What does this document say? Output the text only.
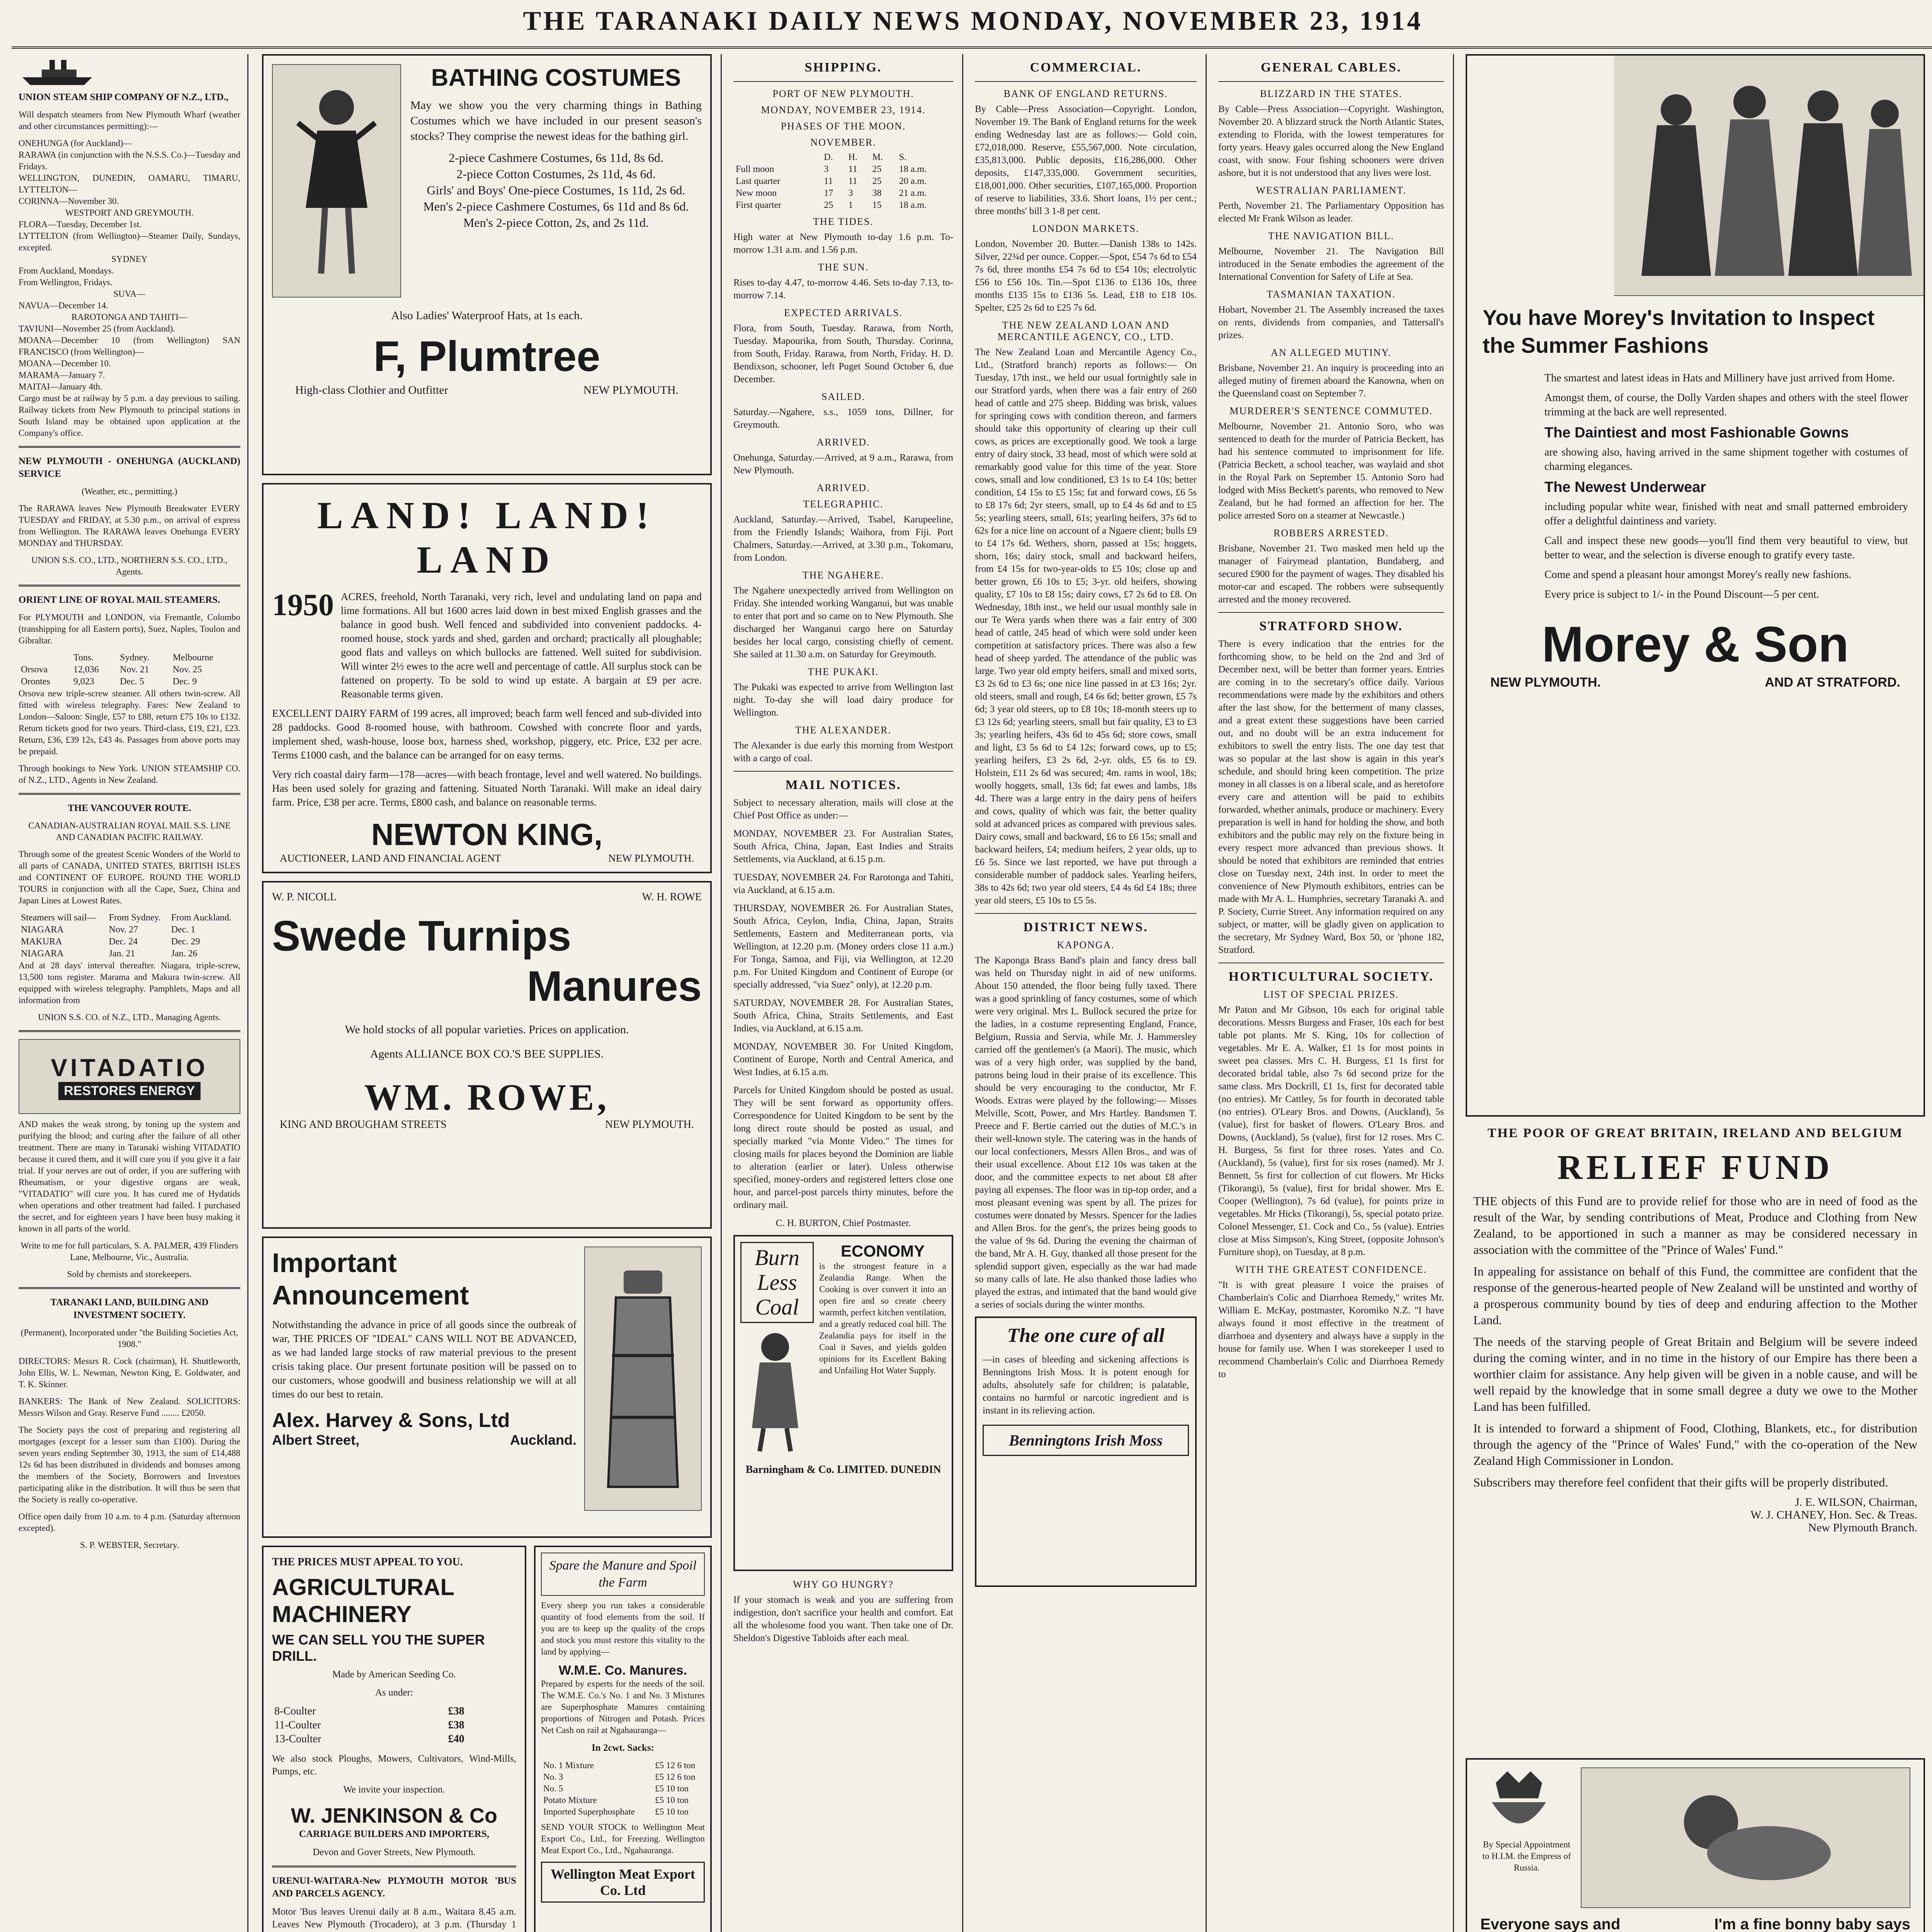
THE TARANAKI DAILY NEWS MONDAY, NOVEMBER 23, 1914
UNION STEAM SHIP COMPANY OF N.Z., LTD.,
Will despatch steamers from New Plymouth Wharf (weather and other circumstances permitting):—
ONEHUNGA (for Auckland)—
RARAWA (in conjunction with the N.S.S. Co.)—Tuesday and Fridays.
WELLINGTON, DUNEDIN, OAMARU, TIMARU, LYTTELTON—
CORINNA—November 30.
WESTPORT AND GREYMOUTH.
FLORA—Tuesday, December 1st.
LYTTELTON (from Wellington)—Steamer Daily, Sundays, excepted.
SYDNEY
From Auckland, Mondays.
From Wellington, Fridays.
SUVA—
NAVUA—December 14.
RAROTONGA AND TAHITI—
TAVIUNI—November 25 (from Auckland).
MOANA—December 10 (from Wellington) SAN FRANCISCO (from Wellington)—
MOANA—December 10.
MARAMA—January 7.
MAITAI—January 4th.
Cargo must be at railway by 5 p.m. a day previous to sailing. Railway tickets from New Plymouth to principal stations in South Island may be obtained upon application at the Company's office.
NEW PLYMOUTH - ONEHUNGA (AUCKLAND) SERVICE
(Weather, etc., permitting.)
The RARAWA leaves New Plymouth Breakwater EVERY TUESDAY and FRIDAY, at 5.30 p.m., on arrival of express from Wellington. The RARAWA leaves Onehunga EVERY MONDAY and THURSDAY.
UNION S.S. CO., LTD., NORTHERN S.S. CO., LTD., Agents.
ORIENT LINE OF ROYAL MAIL STEAMERS.
For PLYMOUTH and LONDON, via Fremantle, Colombo (transhipping for all Eastern ports), Suez, Naples, Toulon and Gibraltar.
	Tons.	Sydney.	Melbourne
Orsova	12,036	Nov. 21	Nov. 25
Orontes	9,023	Dec. 5	Dec. 9
Orsova new triple-screw steamer. All others twin-screw. All fitted with wireless telegraphy. Fares: New Zealand to London—Saloon: Single, £57 to £88, return £75 10s to £132. Return tickets good for two years. Third-class, £19, £21, £23. Return, £36, £39 12s, £43 4s. Passages from above ports may be prepaid.
Through bookings to New York. UNION STEAMSHIP CO. of N.Z., LTD., Agents in New Zealand.
THE VANCOUVER ROUTE.
CANADIAN-AUSTRALIAN ROYAL MAIL S.S. LINE AND CANADIAN PACIFIC RAILWAY.
Through some of the greatest Scenic Wonders of the World to all parts of CANADA, UNITED STATES, BRITISH ISLES and CONTINENT OF EUROPE. ROUND THE WORLD TOURS in conjunction with all the Cape, Suez, China and Japan Lines at Lowest Rates.
Steamers will sail—	From Sydney.	From Auckland.
NIAGARA	Nov. 27	Dec. 1
MAKURA	Dec. 24	Dec. 29
NIAGARA	Jan. 21	Jan. 26
And at 28 days' interval thereafter. Niagara, triple-screw, 13,500 tons register. Marama and Makura twin-screw. All equipped with wireless telegraphy. Pamphlets, Maps and all information from
UNION S.S. CO. of N.Z., LTD., Managing Agents.
VITADATIO
RESTORES ENERGY
AND makes the weak strong, by toning up the system and purifying the blood; and curing after the failure of all other treatment. There are many in Taranaki wishing VITADATIO because it cured them, and it will cure you if you give it a fair trial. If your nerves are out of order, if you are suffering with Rheumatism, or your digestive organs are weak, "VITADATIO" will cure you. It has cured me of Hydatids when operations and other treatment had failed. I purchased the secret, and for eighteen years I have been busy making it known in all parts of the world.
Write to me for full particulars, S. A. PALMER, 439 Flinders Lane, Melbourne, Vic., Australia.
Sold by chemists and storekeepers.
TARANAKI LAND, BUILDING AND INVESTMENT SOCIETY.
(Permanent), Incorporated under "the Building Societies Act, 1908."
DIRECTORS: Messrs R. Cock (chairman), H. Shuttleworth, John Ellis, W. L. Newman, Newton King, E. Goldwater, and T. K. Skinner.
BANKERS: The Bank of New Zealand. SOLICITORS: Messrs Wilson and Gray. Reserve Fund ........ £2050.
The Society pays the cost of preparing and registering all mortgages (except for a lesser sum than £100). During the seven years ending September 30, 1913, the sum of £14,488 12s 6d has been distributed in dividends and bonuses among the members of the Society, Borrowers and Investors participating alike in the distribution. It will thus be seen that the Society is really co-operative.
Office open daily from 10 a.m. to 4 p.m. (Saturday afternoon excepted).
S. P. WEBSTER, Secretary.
BATHING COSTUMES
May we show you the very charming things in Bathing Costumes which we have included in our present season's stocks? They comprise the newest ideas for the bathing girl.
2-piece Cashmere Costumes, 6s 11d, 8s 6d.
2-piece Cotton Costumes, 2s 11d, 4s 6d.
Girls' and Boys' One-piece Costumes, 1s 11d, 2s 6d.
Men's 2-piece Cashmere Costumes, 6s 11d and 8s 6d.
Men's 2-piece Cotton, 2s, and 2s 11d.
Also Ladies' Waterproof Hats, at 1s each.
F, Plumtree
High-class Clothier and Outfitter	NEW PLYMOUTH.
LAND! LAND! LAND
1950 ACRES, freehold, North Taranaki, very rich, level and undulating land on papa and lime formations. All but 1600 acres laid down in best mixed English grasses and the balance in good bush. Well fenced and subdivided into convenient paddocks. 4-roomed house, stock yards and shed, garden and orchard; practically all ploughable; good flats and valleys on which bullocks are fattened. Well suited for subdivision. Will winter 2½ ewes to the acre well and percentage of cattle. All surplus stock can be fattened on property. To be sold to wind up estate. A bargain at £9 per acre. Reasonable terms given.
EXCELLENT DAIRY FARM of 199 acres, all improved; beach farm well fenced and sub-divided into 28 paddocks. Good 8-roomed house, with bathroom. Cowshed with concrete floor and yards, implement shed, wash-house, loose box, harness shed, workshop, piggery, etc. Price, £32 per acre. Terms £1000 cash, and the balance can be arranged for on easy terms.
Very rich coastal dairy farm—178—acres—with beach frontage, level and well watered. No buildings. Has been used solely for grazing and fattening. Situated North Taranaki. Will make an ideal dairy farm. Price, £38 per acre. Terms, £800 cash, and balance on reasonable terms.
NEWTON KING,
AUCTIONEER, LAND AND FINANCIAL AGENT	NEW PLYMOUTH.
W. P. NICOLL	W. H. ROWE
Swede Turnips
Manures
We hold stocks of all popular varieties. Prices on application.
Agents ALLIANCE BOX CO.'S BEE SUPPLIES.
WM. ROWE,
KING AND BROUGHAM STREETS	NEW PLYMOUTH.
Important Announcement
Notwithstanding the advance in price of all goods since the outbreak of war, THE PRICES OF "IDEAL" CANS WILL NOT BE ADVANCED, as we had landed large stocks of raw material previous to the present crisis taking place. Our present fortunate position will be passed on to our customers, whose goodwill and business relationship we will at all times do our best to retain.
Alex. Harvey & Sons, Ltd
Albert Street,	Auckland.
THE PRICES MUST APPEAL TO YOU.
AGRICULTURAL MACHINERY
WE CAN SELL YOU THE SUPER DRILL.
Made by American Seeding Co.
As under:
8-Coulter	£38
11-Coulter	£38
13-Coulter	£40
We also stock Ploughs, Mowers, Cultivators, Wind-Mills, Pumps, etc.
We invite your inspection.
W. JENKINSON & Co
CARRIAGE BUILDERS AND IMPORTERS,
Devon and Gover Streets, New Plymouth.
URENUI-WAITARA-New PLYMOUTH MOTOR 'BUS AND PARCELS AGENCY.
Motor 'Bus leaves Urenui daily at 8 a.m., Waitara 8.45 a.m. Leaves New Plymouth (Trocadero), at 3 p.m. (Thursday 1
Spare the Manure and Spoil the Farm
Every sheep you run takes a considerable quantity of food elements from the soil. If you are to keep up the quality of the crops and stock you must restore this vitality to the land by applying—
W.M.E. Co. Manures.
Prepared by experts for the needs of the soil. The W.M.E. Co.'s No. 1 and No. 3 Mixtures are Superphosphate Manures containing proportions of Nitrogen and Potash. Prices Net Cash on rail at Ngahauranga—
In 2cwt. Sacks:
No. 1 Mixture	£5 12 6 ton
No. 3	£5 12 6 ton
No. 5	£5 10 ton
Potato Mixture	£5 10 ton
Imported Superphosphate	£5 10 ton
SEND YOUR STOCK to Wellington Meat Export Co., Ltd., for Freezing. Wellington Meat Export Co., Ltd., Ngahauranga.
Wellington Meat Export Co. Ltd
SHIPPING.
PORT OF NEW PLYMOUTH.
MONDAY, NOVEMBER 23, 1914.
PHASES OF THE MOON.
NOVEMBER.
	D.	H.	M.	S.
Full moon	3	11	25	18 a.m.
Last quarter	11	11	25	20 a.m.
New moon	17	3	38	21 a.m.
First quarter	25	1	15	18 a.m.
THE TIDES.
High water at New Plymouth to-day 1.6 p.m. To-morrow 1.31 a.m. and 1.56 p.m.
THE SUN.
Rises to-day 4.47, to-morrow 4.46. Sets to-day 7.13, to-morrow 7.14.
EXPECTED ARRIVALS.
Flora, from South, Tuesday. Rarawa, from North, Tuesday. Mapourika, from South, Thursday. Corinna, from South, Friday. Rarawa, from North, Friday. H. D. Bendixson, schooner, left Puget Sound October 6, due December.
SAILED.
Saturday.—Ngahere, s.s., 1059 tons, Dillner, for Greymouth.
ARRIVED.
Onehunga, Saturday.—Arrived, at 9 a.m., Rarawa, from New Plymouth.
ARRIVED.
TELEGRAPHIC.
Auckland, Saturday.—Arrived, Tsabel, Karupeeline, from the Friendly Islands; Waihora, from Fiji. Port Chalmers, Saturday.—Arrived, at 3.30 p.m., Tokomaru, from London.
THE NGAHERE.
The Ngahere unexpectedly arrived from Wellington on Friday. She intended working Wanganui, but was unable to enter that port and so came on to New Plymouth. She discharged her Wanganui cargo here on Saturday besides her local cargo, consisting chiefly of cement. She sailed at 11.30 a.m. on Saturday for Greymouth.
THE PUKAKI.
The Pukaki was expected to arrive from Wellington last night. To-day she will load dairy produce for Wellington.
THE ALEXANDER.
The Alexander is due early this morning from Westport with a cargo of coal.
MAIL NOTICES.
Subject to necessary alteration, mails will close at the Chief Post Office as under:—
MONDAY, NOVEMBER 23. For Australian States, South Africa, China, Japan, East Indies and Straits Settlements, via Auckland, at 6.15 p.m.
TUESDAY, NOVEMBER 24. For Rarotonga and Tahiti, via Auckland, at 6.15 a.m.
THURSDAY, NOVEMBER 26. For Australian States, South Africa, Ceylon, India, China, Japan, Straits Settlements, Eastern and Mediterranean ports, via Wellington, at 12.20 p.m. (Money orders close 11 a.m.) For Tonga, Samoa, and Fiji, via Wellington, at 12.20 p.m. For United Kingdom and Continent of Europe (or specially addressed, "via Suez" only), at 12.20 p.m.
SATURDAY, NOVEMBER 28. For Australian States, South Africa, China, Straits Settlements, and East Indies, via Auckland, at 6.15 a.m.
MONDAY, NOVEMBER 30. For United Kingdom, Continent of Europe, North and Central America, and West Indies, at 6.15 a.m.
Parcels for United Kingdom should be posted as usual. They will be sent forward as opportunity offers. Correspondence for United Kingdom to be sent by the long direct route should be posted as usual, and specially marked "via Monte Video." The times for closing mails for places beyond the Dominion are liable to alteration (earlier or later). Unless otherwise specified, money-orders and registered letters close one hour, and parcel-post parcels thirty minutes, before the ordinary mail.
C. H. BURTON, Chief Postmaster.
Burn Less Coal
ECONOMY
is the strongest feature in a Zealandia Range. When the Cooking is over convert it into an open fire and so create cheery warmth, perfect kitchen ventilation, and a greatly reduced coal bill. The Zealandia pays for itself in the Coal it Saves, and yields golden opinions for its Excellent Baking and Unfailing Hot Water Supply.
Barningham & Co. LIMITED. DUNEDIN
WHY GO HUNGRY?
If your stomach is weak and you are suffering from indigestion, don't sacrifice your health and comfort. Eat all the wholesome food you want. Then take one of Dr. Sheldon's Digestive Tabloids after each meal.
COMMERCIAL.
BANK OF ENGLAND RETURNS.
By Cable—Press Association—Copyright. London, November 19. The Bank of England returns for the week ending Wednesday last are as follows:— Gold coin, £72,018,000. Reserve, £55,567,000. Note circulation, £35,813,000. Public deposits, £16,286,000. Other deposits, £147,335,000. Government securities, £18,001,000. Other securities, £107,165,000. Proportion of reserve to liabilities, 33.6. Short loans, 1½ per cent.; three months' bill 3 1-8 per cent.
LONDON MARKETS.
London, November 20. Butter.—Danish 138s to 142s. Silver, 22¾d per ounce. Copper.—Spot, £54 7s 6d to £54 7s 6d, three months £54 7s 6d to £54 10s; electrolytic £56 to £56 10s. Tin.—Spot £136 to £136 10s, three months £135 15s to £136 5s. Lead, £18 to £18 10s. Spelter, £25 2s 6d to £25 7s 6d.
THE NEW ZEALAND LOAN AND MERCANTILE AGENCY, CO., LTD.
The New Zealand Loan and Mercantile Agency Co., Ltd., (Stratford branch) reports as follows:— On Tuesday, 17th inst., we held our usual fortnightly sale in our Stratford yards, when there was a fair entry of 260 head of cattle and 275 sheep. Bidding was brisk, values for springing cows with condition thereon, and farmers should take this opportunity of clearing up their cull cows, as prices are exceptionally good. We took a large entry of dairy stock, 33 head, most of which were sold at remarkably good value for this time of the year. Store cows, small and low conditioned, £3 1s to £4 10s; better condition, £4 15s to £5 15s; fat and forward cows, £6 5s to £8 17s 6d; 2yr steers, small, up to £4 4s 6d and to £5 5s; yearling steers, small, 61s; yearling heifers, 37s 6d to 62s for a nice line on account of a Ngaere client; bulls £9 to £4 17s 6d. Wethers, shorn, passed at 15s; hoggets, shorn, 16s; dairy stock, small and backward heifers, from £4 15s for two-year-olds to £5 10s; close up and better grown, £6 10s to £5; 3-yr. old heifers, showing quality, £7 10s to £8 15s; dairy cows, £7 2s 6d to £8. On Wednesday, 18th inst., we held our usual monthly sale in our Te Wera yards when there was a fair entry of 300 head of cattle, 245 head of which were sold under keen competition at satisfactory prices. There was also a few head of sheep yarded. The attendance of the public was large. Two year old empty heifers, small and mixed sorts, £3 2s 6d to £3 6s; one nice line passed in at £3 16s; 2yr. old steers, small and rough, £4 6s 6d; better grown, £5 7s 6d; 3 year old steers, up to £8 10s; 18-month steers up to £3 12s 6d; yearling steers, small but fair quality, £3 to £3 3s; yearling heifers, 43s 6d to 45s 6d; store cows, small and light, £3 5s 6d to £4 12s; forward cows, up to £5; yearling heifers, £3 2s 6d, 2-yr. olds, £5 6s to £9. Holstein, £11 2s 6d was secured; 4m. rams in wool, 18s; woolly hoggets, small, 13s 6d; fat ewes and lambs, 18s 4d. There was a large entry in the dairy pens of heifers and cows, quality of which was fair, the better quality sold at advanced prices as compared with previous sales. Dairy cows, small and backward, £6 to £6 15s; small and backward heifers, £4; medium heifers, 2 year olds, up to £6 5s. Since we last reported, we have put through a considerable number of paddock sales. Yearling heifers, 38s to 42s 6d; two year old steers, £4 4s 6d £4 18s; three year old steers, £5 10s to £5 5s.
DISTRICT NEWS.
KAPONGA.
The Kaponga Brass Band's plain and fancy dress ball was held on Thursday night in aid of new uniforms. About 150 attended, the floor being fully taxed. There was a good sprinkling of fancy costumes, some of which were very original. Mrs L. Bullock secured the prize for the ladies, in a costume representing England, France, Belgium, Russia and Servia, while Mr. J. Hammersley carried off the gentlemen's (a Maori). The music, which was of a very high order, was supplied by the band, patrons being loud in their praise of its excellence. This should be very encouraging to the conductor, Mr F. Woods. Extras were played by the following:— Misses Melville, Scott, Power, and Mrs Hartley. Bandsmen T. Preece and F. Bertie carried out the duties of M.C.'s in their well-known style. The catering was in the hands of our local confectioners, Messrs Allen Bros., and was of their usual excellence. About £12 10s was taken at the door, and the committee expects to net about £8 after paying all expenses. The floor was in tip-top order, and a most pleasant evening was spent by all. The prizes for costumes were donated by Messrs. Spencer for the ladies and Allen Bros. for the gent's, the prizes being goods to the value of 9s 6d. During the evening the chairman of the band, Mr A. H. Guy, thanked all those present for the splendid support given, especially as the war had made so many calls of late. He also thanked those ladies who played the extras, and intimated that the band would give a series of socials during the winter months.
The one cure of all
—in cases of bleeding and sickening affections is Benningtons Irish Moss. It is potent enough for adults, absolutely safe for children; is palatable, contains no harmful or narcotic ingredient and is instant in its relieving action.
Benningtons Irish Moss
GENERAL CABLES.
BLIZZARD IN THE STATES.
By Cable—Press Association—Copyright. Washington, November 20. A blizzard struck the North Atlantic States, extending to Florida, with the lowest temperatures for forty years. Heavy gales occurred along the New England coast, with snow. Four fishing schooners were driven ashore, but it is not understood that any lives were lost.
WESTRALIAN PARLIAMENT.
Perth, November 21. The Parliamentary Opposition has elected Mr Frank Wilson as leader.
THE NAVIGATION BILL.
Melbourne, November 21. The Navigation Bill introduced in the Senate embodies the agreement of the International Convention for Safety of Life at Sea.
TASMANIAN TAXATION.
Hobart, November 21. The Assembly increased the taxes on rents, dividends from companies, and Tattersall's prizes.
AN ALLEGED MUTINY.
Brisbane, November 21. An inquiry is proceeding into an alleged mutiny of firemen aboard the Kanowna, when on the Queensland coast on September 7.
MURDERER'S SENTENCE COMMUTED.
Melbourne, November 21. Antonio Soro, who was sentenced to death for the murder of Patricia Beckett, has had his sentence commuted to imprisonment for life. (Patricia Beckett, a school teacher, was waylaid and shot in the Royal Park on September 15. Antonio Soro had lodged with Miss Beckett's parents, who removed to New Zealand, but he had formed an affection for her. The police arrested Soro on a steamer at Newcastle.)
ROBBERS ARRESTED.
Brisbane, November 21. Two masked men held up the manager of Fairymead plantation, Bundaberg, and secured £900 for the payment of wages. They disabled his motor-car and escaped. The robbers were subsequently arrested and the money recovered.
STRATFORD SHOW.
There is every indication that the entries for the forthcoming show, to be held on the 2nd and 3rd of December next, will be better than former years. Entries are coming in to the secretary's office daily. Various recommendations were made by the exhibitors and others after the last show, for the betterment of many classes, and a great extent these suggestions have been carried out, and no doubt will be an extra inducement for exhibitors to swell the entry lists. The one day test that was so popular at the last show is again in this year's schedule, and should bring keen competition. The prize money in all classes is on a liberal scale, and as heretofore every care and attention will be paid to exhibits forwarded, whether animals, produce or machinery. Every preparation is well in hand for holding the show, and both exhibitors and the public may rely on the fixture being in every respect more advanced than previous shows. It should be noted that exhibitors are reminded that entries close on Tuesday next, 24th inst. In order to meet the convenience of New Plymouth exhibitors, entries can be made with Mr A. L. Humphries, secretary Taranaki A. and P. Society, Currie Street. Any information required on any subject, or matter, will be gladly given on application to the secretary, Mr Sydney Ward, Box 50, or 'phone 182, Stratford.
HORTICULTURAL SOCIETY.
LIST OF SPECIAL PRIZES.
Mr Paton and Mr Gibson, 10s each for original table decorations. Messrs Burgess and Fraser, 10s each for best table pot plants. Mr S. King, 10s for collection of vegetables. Mr E. A. Walker, £1 1s for most points in sweet pea classes. Mrs C. H. Burgess, £1 1s first for decorated bridal table, also 7s 6d second prize for the same class. Mrs Dockrill, £1 1s, first for decorated table (no entries). Mr Cattley, 5s for fourth in decorated table (no entries). O'Leary Bros. and Downs, (Auckland), 5s (value), first for basket of flowers. O'Leary Bros. and Downs, (Auckland), 5s (value), first for 12 roses. Mrs C. H. Burgess, 5s first for three roses. Yates and Co. (Auckland), 5s (value), first for six roses (named). Mr J. Bennett, 5s first for collection of cut flowers. Mr Hicks (Tikorangi), 5s (value), first for bridal shower. Mrs E. Cooper (Wellington), 7s 6d (value), for points prize in vegetables. Mr Hicks (Tikorangi), 5s, special potato prize. Colonel Messenger, £1. Cock and Co., 5s (value). Entries close at Miss Simpson's, King Street, (opposite Johnson's Furniture shop), on Tuesday, at 8 p.m.
WITH THE GREATEST CONFIDENCE.
"It is with great pleasure I voice the praises of Chamberlain's Colic and Diarrhoea Remedy," writes Mr. William E. McKay, postmaster, Koromiko N.Z. "I have always found it most effective in the treatment of diarrhoea and dysentery and always have a supply in the house for family use. When I was storekeeper I used to recommend Chamberlain's Colic and Diarrhoea Remedy to
You have Morey's Invitation to Inspect the Summer Fashions
The smartest and latest ideas in Hats and Millinery have just arrived from Home.
Amongst them, of course, the Dolly Varden shapes and others with the steel flower trimming at the back are well represented.
The Daintiest and most Fashionable Gowns
are showing also, having arrived in the same shipment together with costumes of charming elegances.
The Newest Underwear
including popular white wear, finished with neat and small patterned embroidery offer a delightful daintiness and variety.
Call and inspect these new goods—you'll find them very beautiful to view, but better to wear, and the selection is diverse enough to gratify every taste.
Come and spend a pleasant hour amongst Morey's really new fashions.
Every price is subject to 1/- in the Pound Discount—5 per cent.
Morey & Son
NEW PLYMOUTH.	AND AT STRATFORD.
THE POOR OF GREAT BRITAIN, IRELAND AND BELGIUM
RELIEF FUND
THE objects of this Fund are to provide relief for those who are in need of food as the result of the War, by sending contributions of Meat, Produce and Clothing from New Zealand, to be apportioned in such a manner as may be considered necessary in association with the committee of the "Prince of Wales' Fund."
In appealing for assistance on behalf of this Fund, the committee are confident that the response of the generous-hearted people of New Zealand will be unstinted and worthy of a prosperous community bound by ties of deep and enduring affection to the Mother Land.
The needs of the starving people of Great Britain and Belgium will be severe indeed during the coming winter, and in no time in the history of our Empire has there been a worthier claim for assistance. Any help given will be given in a noble cause, and will be well repaid by the knowledge that in some small degree a duty we owe to the Mother Land has been fulfilled.
It is intended to forward a shipment of Food, Clothing, Blankets, etc., for distribution through the agency of the "Prince of Wales' Fund," with the co-operation of the New Zealand High Commissioner in London.
Subscribers may therefore feel confident that their gifts will be properly distributed.
J. E. WILSON, Chairman,
W. J. CHANEY, Hon. Sec. & Treas.
New Plymouth Branch.
By Special Appointment to H.I.M. the Empress of Russia.
Everyone says and	I'm a fine bonny baby says
